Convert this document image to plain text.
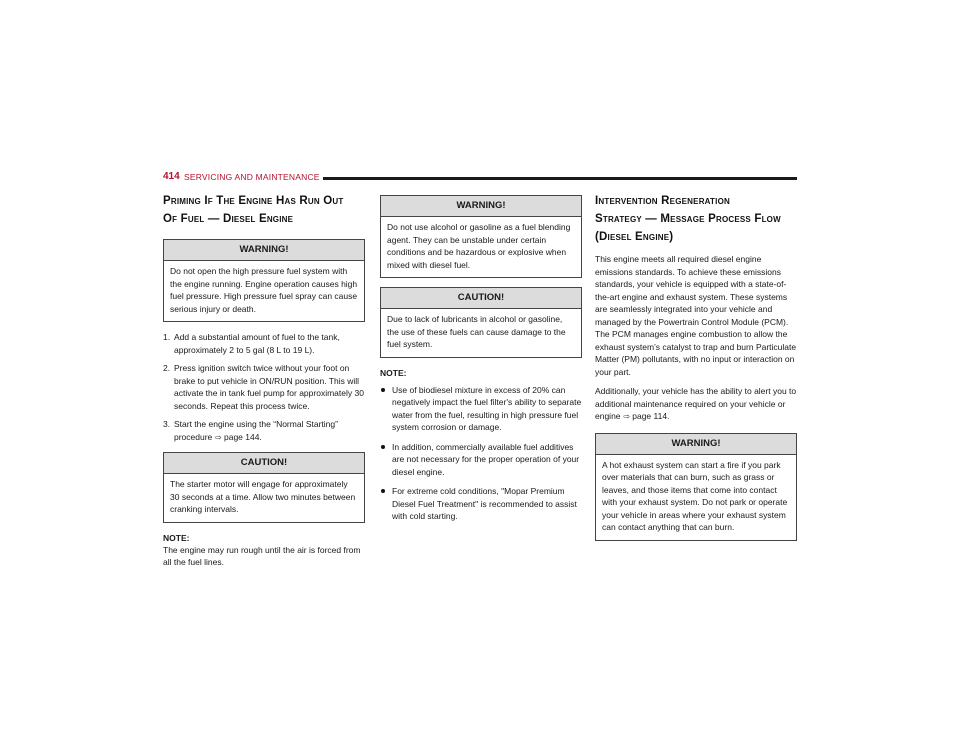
414 SERVICING AND MAINTENANCE
Priming If The Engine Has Run Out
Of Fuel — Diesel Engine
WARNING!
Do not open the high pressure fuel system with the engine running. Engine operation causes high fuel pressure. High pressure fuel spray can cause serious injury or death.
1. Add a substantial amount of fuel to the tank, approximately 2 to 5 gal (8 L to 19 L).
2. Press ignition switch twice without your foot on brake to put vehicle in ON/RUN position. This will activate the in tank fuel pump for approximately 30 seconds. Repeat this process twice.
3. Start the engine using the “Normal Starting” procedure ⇨ page 144.
CAUTION!
The starter motor will engage for approximately 30 seconds at a time. Allow two minutes between cranking intervals.
NOTE:

The engine may run rough until the air is forced from all the fuel lines.

WARNING!
Do not use alcohol or gasoline as a fuel blending agent. They can be unstable under certain conditions and be hazardous or explosive when mixed with diesel fuel.
CAUTION!
Due to lack of lubricants in alcohol or gasoline, the use of these fuels can cause damage to the fuel system.
NOTE:
Use of biodiesel mixture in excess of 20% can negatively impact the fuel filter's ability to separate water from the fuel, resulting in high pressure fuel system corrosion or damage.
In addition, commercially available fuel additives are not necessary for the proper operation of your diesel engine.
For extreme cold conditions, "Mopar Premium Diesel Fuel Treatment" is recommended to assist with cold starting.
Intervention Regeneration
Strategy — Message Process Flow
(Diesel Engine)

This engine meets all required diesel engine emissions standards. To achieve these emissions standards, your vehicle is equipped with a state-of-the-art engine and exhaust system. These systems are seamlessly integrated into your vehicle and managed by the Powertrain Control Module (PCM). The PCM manages engine combustion to allow the exhaust system’s catalyst to trap and burn Particulate Matter (PM) pollutants, with no input or interaction on your part.

Additionally, your vehicle has the ability to alert you to additional maintenance required on your vehicle or engine ⇨ page 114.

WARNING!
A hot exhaust system can start a fire if you park over materials that can burn, such as grass or leaves, and those items that come into contact with your exhaust system. Do not park or operate your vehicle in areas where your exhaust system can contact anything that can burn.
